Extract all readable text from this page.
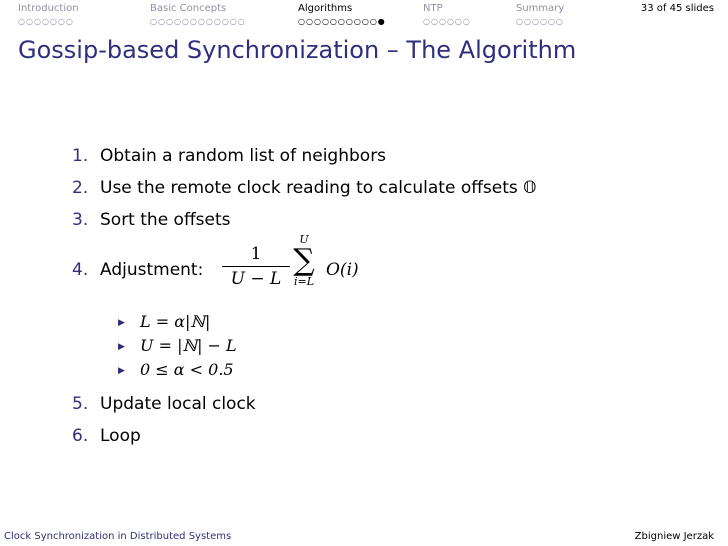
Introduction
○○○○○○○
Basic Concepts
○○○○○○○○○○○○
Algorithms
○○○○○○○○○○●
NTP
○○○○○○
Summary
○○○○○○
33 of 45 slides
Gossip-based Synchronization – The Algorithm
1. Obtain a random list of neighbors
2. Use the remote clock reading to calculate offsets 𝕆
3. Sort the offsets
4. Adjustment:
1
U − L
U
∑
i=L
O(i)
▶ L = α|ℕ|
▶ U = |ℕ| − L
▶ 0 ≤ α < 0.5
5. Update local clock
6. Loop
Clock Synchronization in Distributed Systems	Zbigniew Jerzak
